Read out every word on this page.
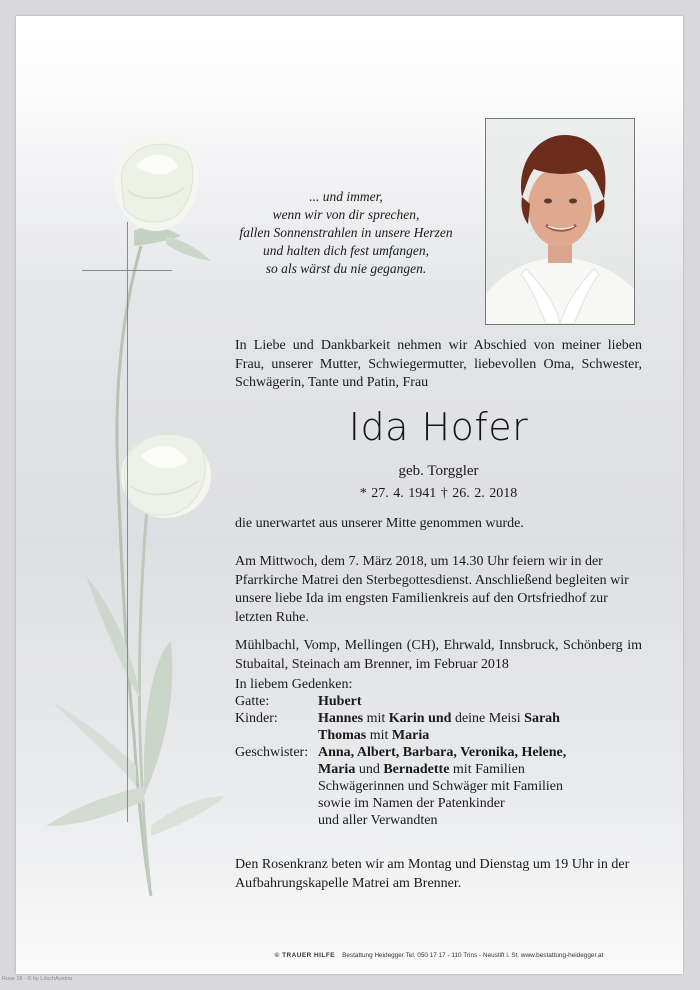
... und immer,
wenn wir von dir sprechen,
fallen Sonnenstrahlen in unsere Herzen
und halten dich fest umfangen,
so als wärst du nie gegangen.
In Liebe und Dankbarkeit nehmen wir Abschied von meiner lieben Frau, unserer Mutter, Schwiegermutter, liebevollen Oma, Schwester, Schwägerin, Tante und Patin, Frau
Ida Hofer
geb. Torggler
* 27. 4. 1941 † 26. 2. 2018
die unerwartet aus unserer Mitte genommen wurde.
Am Mittwoch, dem 7. März 2018, um 14.30 Uhr feiern wir in der Pfarrkirche Matrei den Sterbegottesdienst. Anschließend begleiten wir unsere liebe Ida im engsten Familienkreis auf den Ortsfriedhof zur letzten Ruhe.
Mühlbachl, Vomp, Mellingen (CH), Ehrwald, Innsbruck, Schönberg im Stubaital, Steinach am Brenner, im Februar 2018
In liebem Gedenken:
Gatte:	Hubert
Kinder:	Hannes mit Karin und deine Meisi Sarah
Thomas mit Maria
Geschwister: Anna, Albert, Barbara, Veronika, Helene,
Maria und Bernadette mit Familien
Schwägerinnen und Schwäger mit Familien
sowie im Namen der Patenkinder
und aller Verwandten
Den Rosenkranz beten wir am Montag und Dienstag um 19 Uhr in der Aufbahrungskapelle Matrei am Brenner.
© TRAUER HILFE Bestattung Heidegger Tel. 050 17 17 - 110 Trins - Neustift i. St. www.bestattung-heidegger.at
Rose 18 - © by LöschAustria
